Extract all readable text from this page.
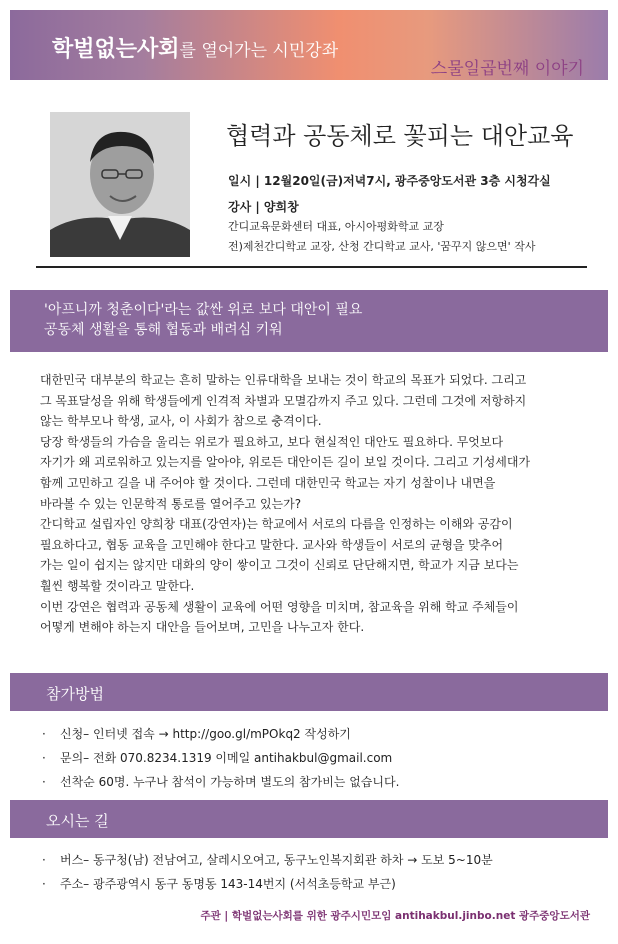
학벌없는사회를 열어가는 시민강좌
스물일곱번째 이야기
협력과 공동체로 꽃피는 대안교육
일시 | 12월20일(금)저녁7시, 광주중앙도서관 3층 시청각실
강사 | 양희창
간디교육문화센터 대표, 아시아평화학교 교장
전)제천간디학교 교장, 산청 간디학교 교사, '꿈꾸지 않으면' 작사
'아프니까 청춘이다'라는 값싼 위로 보다 대안이 필요
공동체 생활을 통해 협동과 배려심 키워

대한민국 대부분의 학교는 흔히 말하는 인류대학을 보내는 것이 학교의 목표가 되었다. 그리고

그 목표달성을 위해 학생들에게 인격적 차별과 모멸감까지 주고 있다. 그런데 그것에 저항하지

않는 학부모나 학생, 교사, 이 사회가 참으로 충격이다.

당장 학생들의 가슴을 울리는 위로가 필요하고, 보다 현실적인 대안도 필요하다. 무엇보다

자기가 왜 괴로워하고 있는지를 알아야, 위로든 대안이든 길이 보일 것이다. 그리고 기성세대가

함께 고민하고 길을 내 주어야 할 것이다. 그런데 대한민국 학교는 자기 성찰이나 내면을

바라볼 수 있는 인문학적 통로를 열어주고 있는가?

간디학교 설립자인 양희창 대표(강연자)는 학교에서 서로의 다름을 인정하는 이해와 공감이

필요하다고, 협동 교육을 고민해야 한다고 말한다. 교사와 학생들이 서로의 균형을 맞추어

가는 일이 쉽지는 않지만 대화의 양이 쌓이고 그것이 신뢰로 단단해지면, 학교가 지금 보다는

훨씬 행복할 것이라고 말한다.

이번 강연은 협력과 공동체 생활이 교육에 어떤 영향을 미치며, 참교육을 위해 학교 주체들이

어떻게 변해야 하는지 대안을 들어보며, 고민을 나누고자 한다.

참가방법
· 신청– 인터넷 접속 → http://goo.gl/mPOkq2 작성하기
· 문의– 전화 070.8234.1319 이메일 antihakbul@gmail.com
· 선착순 60명. 누구나 참석이 가능하며 별도의 참가비는 없습니다.
오시는 길
· 버스– 동구청(남) 전남여고, 살레시오여고, 동구노인복지회관 하차 → 도보 5~10분
· 주소– 광주광역시 동구 동명동 143-14번지 (서석초등학교 부근)
주관 | 학벌없는사회를 위한 광주시민모임 antihakbul.jinbo.net 광주중앙도서관
